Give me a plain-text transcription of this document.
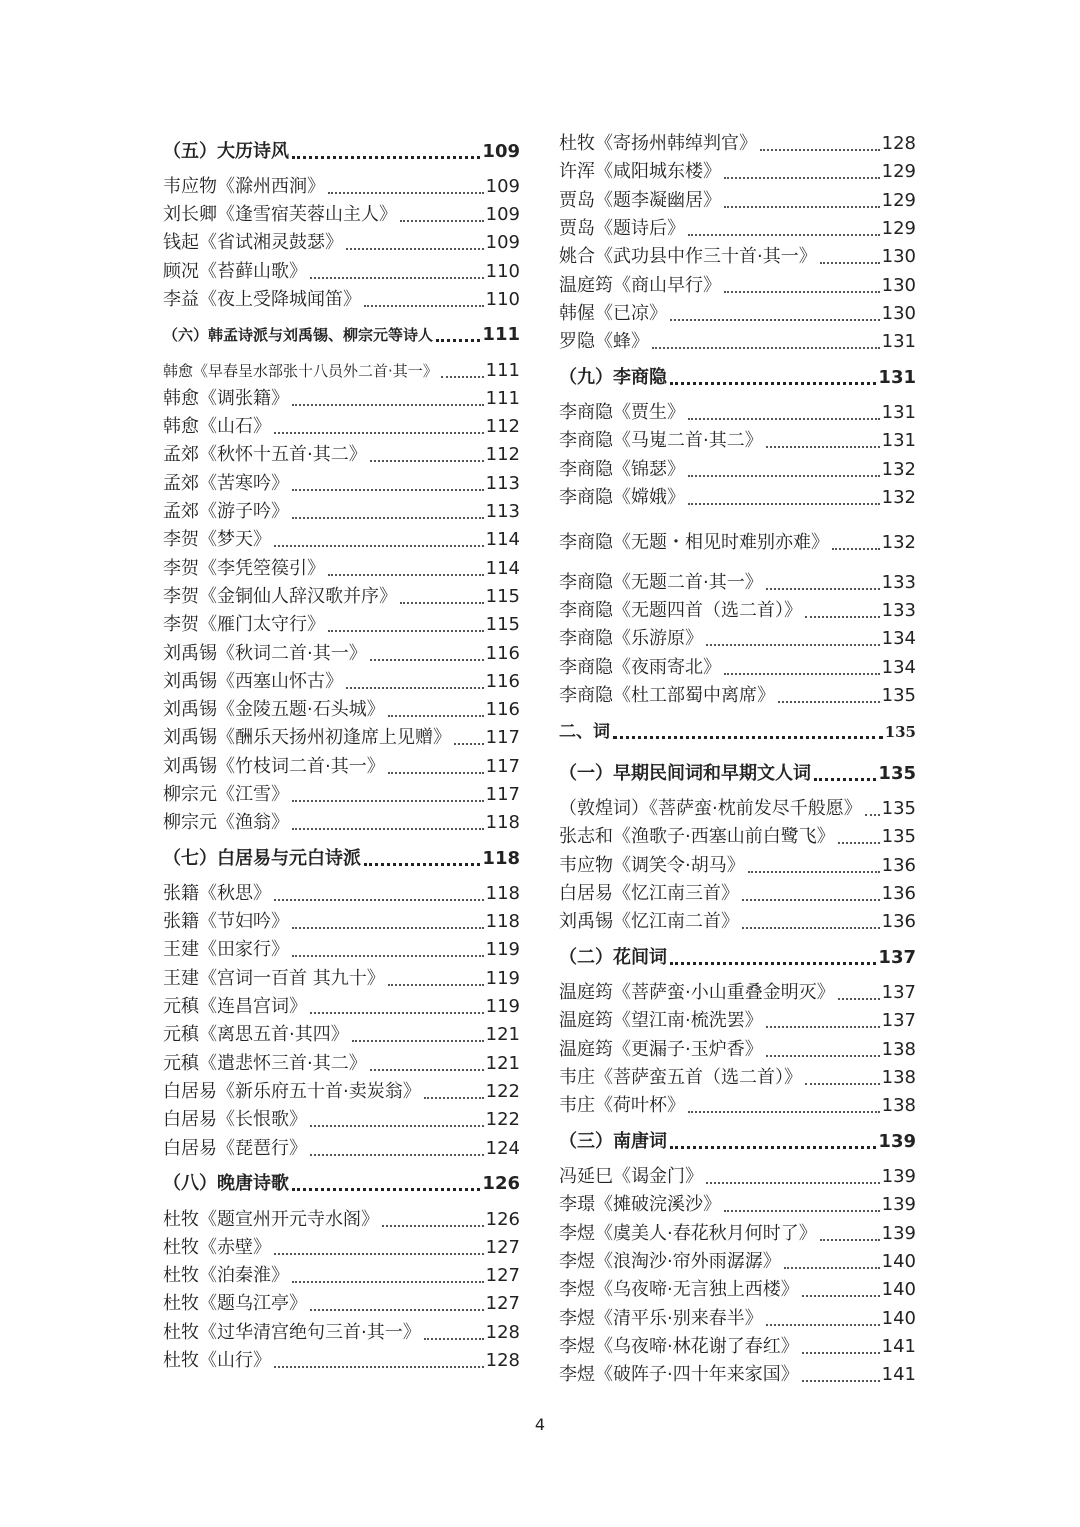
（五）大历诗风	109
韦应物《滁州西涧》	109
刘长卿《逢雪宿芙蓉山主人》	109
钱起《省试湘灵鼓瑟》	109
顾况《苔藓山歌》	110
李益《夜上受降城闻笛》	110
（六）韩孟诗派与刘禹锡、柳宗元等诗人	111
韩愈《早春呈水部张十八员外二首·其一》	111
韩愈《调张籍》	111
韩愈《山石》	112
孟郊《秋怀十五首·其二》	112
孟郊《苦寒吟》	113
孟郊《游子吟》	113
李贺《梦天》	114
李贺《李凭箜篌引》	114
李贺《金铜仙人辞汉歌并序》	115
李贺《雁门太守行》	115
刘禹锡《秋词二首·其一》	116
刘禹锡《西塞山怀古》	116
刘禹锡《金陵五题·石头城》	116
刘禹锡《酬乐天扬州初逢席上见赠》 117
刘禹锡《竹枝词二首·其一》	117
柳宗元《江雪》	117
柳宗元《渔翁》	118
（七）白居易与元白诗派	118
张籍《秋思》	118
张籍《节妇吟》	118
王建《田家行》	119
王建《宫词一百首 其九十》	119
元稹《连昌宫词》	119
元稹《离思五首·其四》	121
元稹《遣悲怀三首·其二》	121
白居易《新乐府五十首·卖炭翁》	122
白居易《长恨歌》	122
白居易《琵琶行》	124
（八）晚唐诗歌	126
杜牧《题宣州开元寺水阁》	126
杜牧《赤壁》	127
杜牧《泊秦淮》	127
杜牧《题乌江亭》	127
杜牧《过华清宫绝句三首·其一》	128
杜牧《山行》	128
杜牧《寄扬州韩绰判官》	128
许浑《咸阳城东楼》	129
贾岛《题李凝幽居》	129
贾岛《题诗后》	129
姚合《武功县中作三十首·其一》	130
温庭筠《商山早行》	130
韩偓《已凉》	130
罗隐《蜂》	131
（九）李商隐	131
李商隐《贾生》	131
李商隐《马嵬二首·其二》	131
李商隐《锦瑟》	132
李商隐《嫦娥》	132
李商隐《无题・相见时难别亦难》	132
李商隐《无题二首·其一》	133
李商隐《无题四首（选二首）》	133
李商隐《乐游原》	134
李商隐《夜雨寄北》	134
李商隐《杜工部蜀中离席》	135
二、词	135
（一）早期民间词和早期文人词	135
（敦煌词）《菩萨蛮·枕前发尽千般愿》 135
张志和《渔歌子·西塞山前白鹭飞》	135
韦应物《调笑令·胡马》	136
白居易《忆江南三首》	136
刘禹锡《忆江南二首》	136
（二）花间词	137
温庭筠《菩萨蛮·小山重叠金明灭》	137
温庭筠《望江南·梳洗罢》	137
温庭筠《更漏子·玉炉香》	138
韦庄《菩萨蛮五首（选二首）》	138
韦庄《荷叶杯》	138
（三）南唐词	139
冯延巳《谒金门》	139
李璟《摊破浣溪沙》	139
李煜《虞美人·春花秋月何时了》	139
李煜《浪淘沙·帘外雨潺潺》	140
李煜《乌夜啼·无言独上西楼》	140
李煜《清平乐·别来春半》	140
李煜《乌夜啼·林花谢了春红》	141
李煜《破阵子·四十年来家国》	141
4
